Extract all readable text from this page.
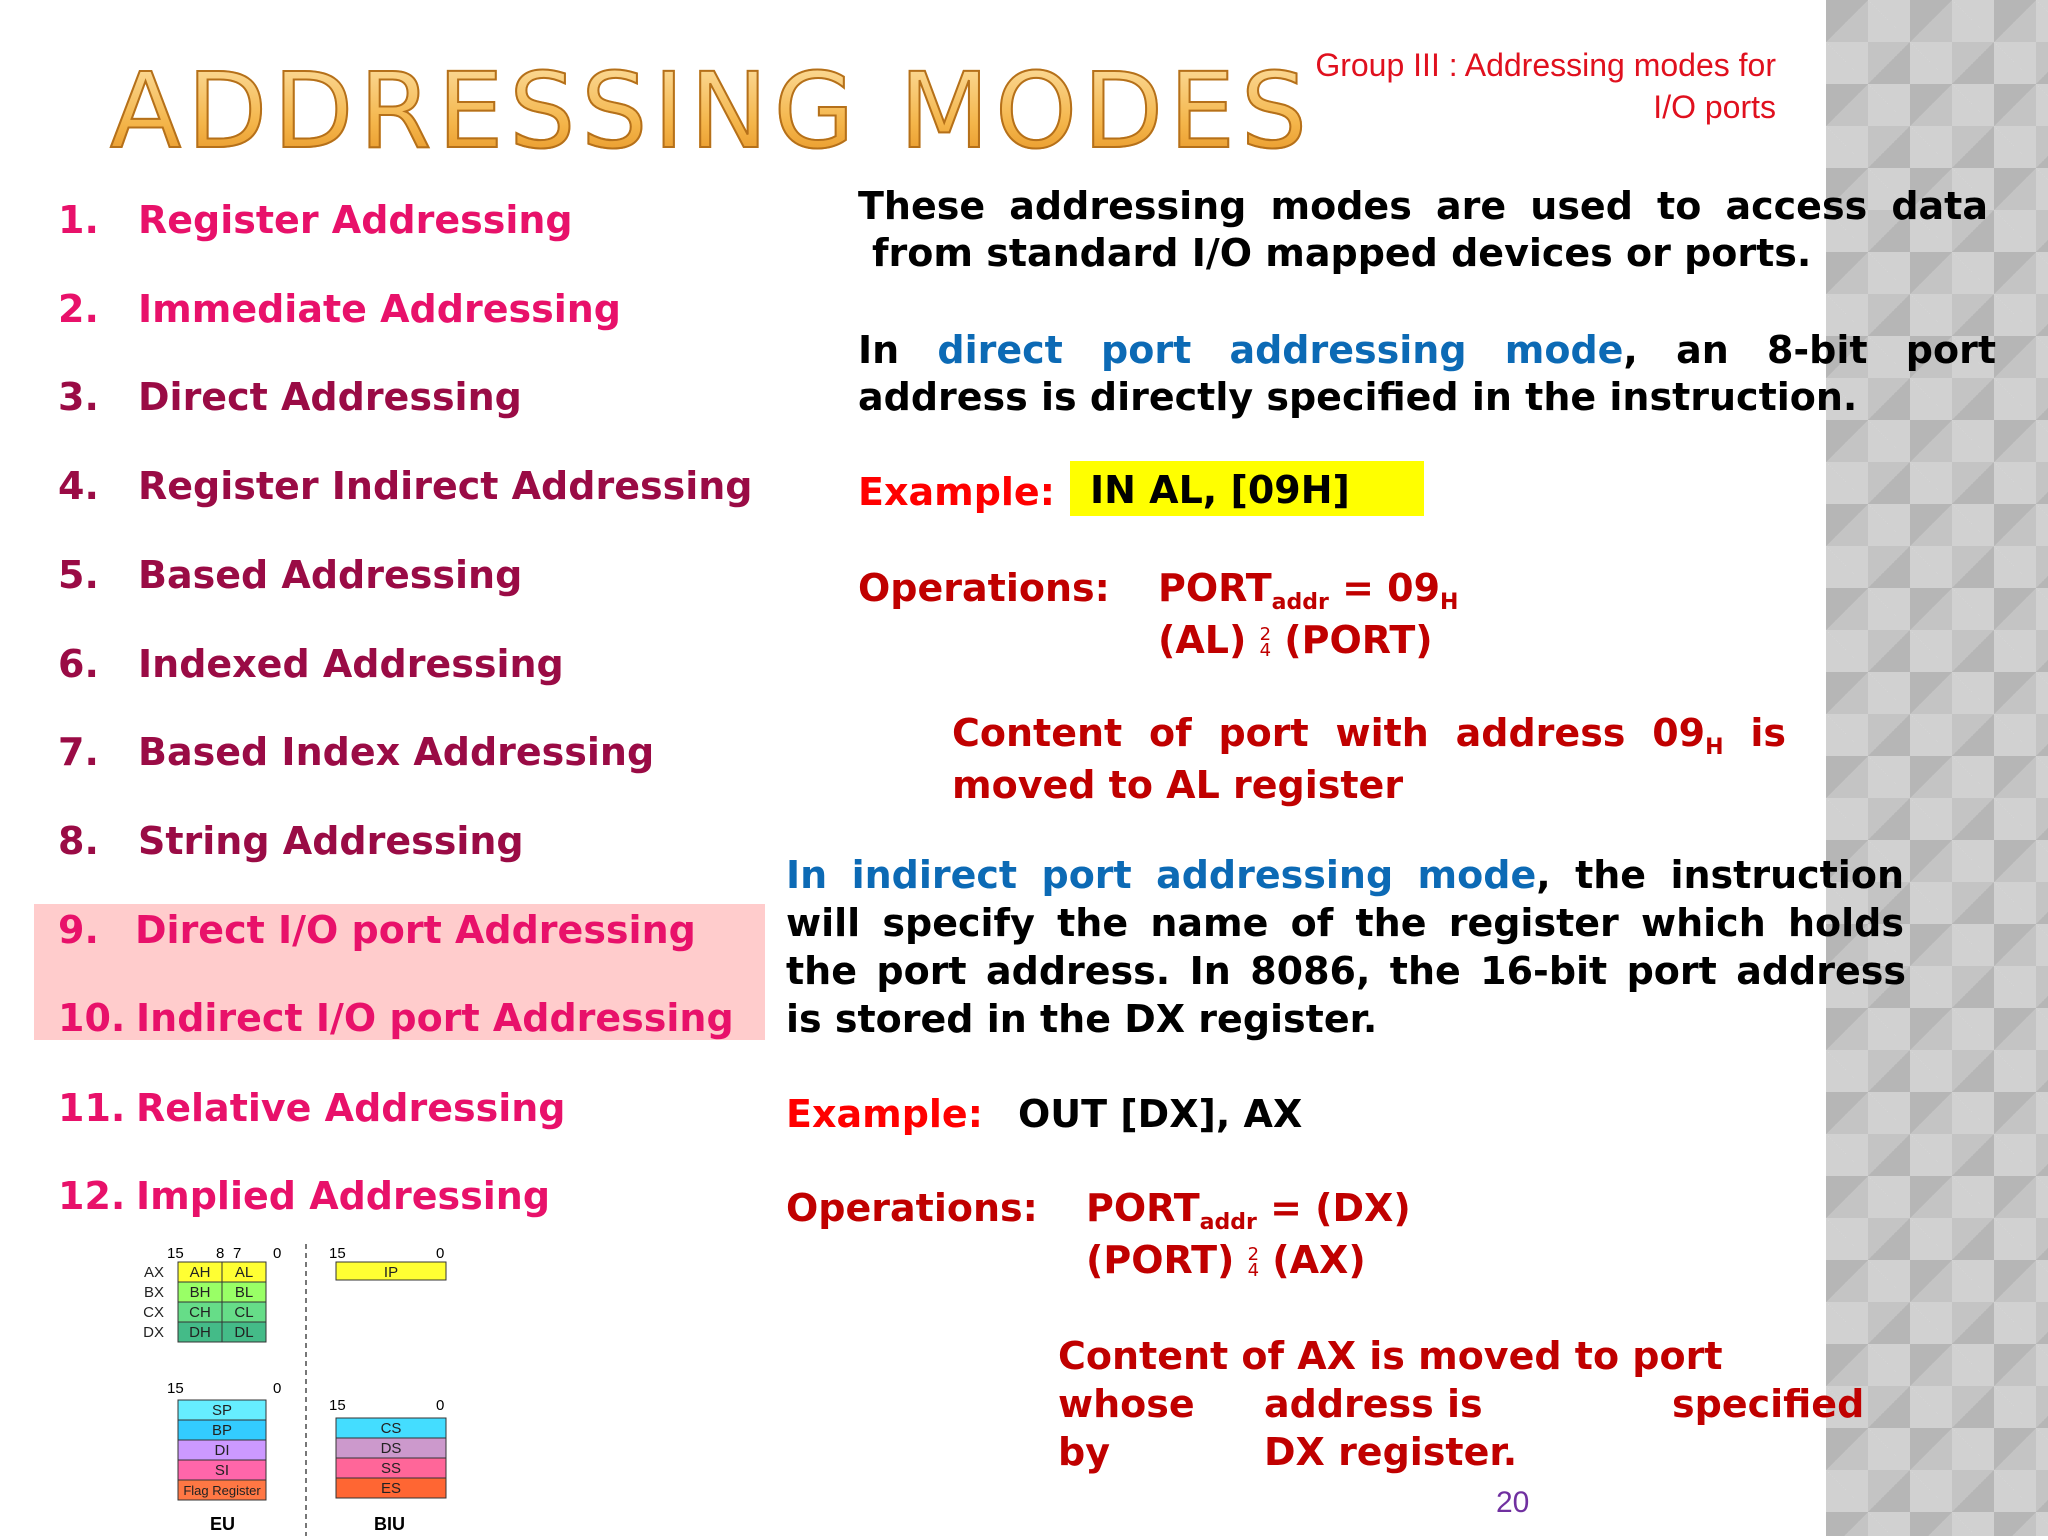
ADDRESSING MODES Group III : Addressing modes for
I/O ports
1. Register Addressing
2. Immediate Addressing
3. Direct Addressing
4. Register Indirect Addressing
5. Based Addressing
6. Indexed Addressing
7. Based Index Addressing
8. String Addressing
9. Direct I/O port Addressing
10. Indirect I/O port Addressing
11. Relative Addressing
12. Implied Addressing
These addressing modes are used to access data
from standard I/O mapped devices or ports.
In direct port addressing mode, an 8-bit port
address is directly specified in the instruction.
Example: IN AL, [09H]
Operations: $PORT_{addr} = 09_H$
(AL) 2
4 (PORT)
Content of port with address $09_H$ is
moved to AL register
In indirect port addressing mode, the instruction
will specify the name of the register which holds
the port address. In 8086, the 16-bit port address
is stored in the DX register.
Example: OUT [DX], AX
Operations: $PORT_{addr} = (DX)$
(PORT) 2
4 (AX)
Content of AX is moved to port
whose address is	specified
by	DX register.
20
15 8 7 0	15	0
AX AH AL
BX BH BL
CX CH CL
DX DH DL
IP
15	0
15	0
SP
BP
DI
SI
Flag Register
CS
DS
SS
ES
EU	BIU
